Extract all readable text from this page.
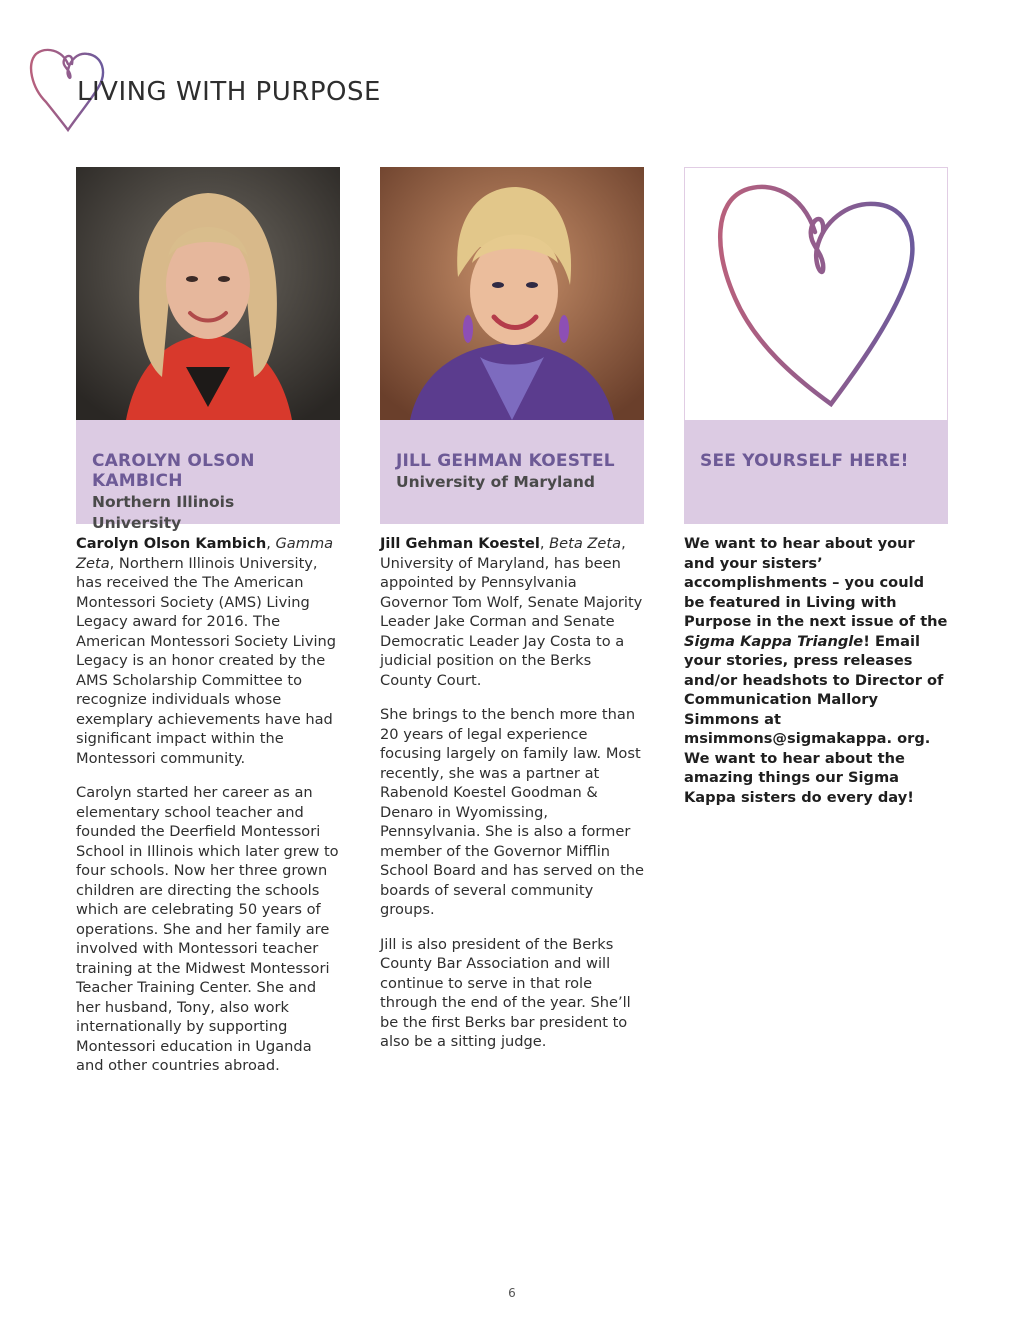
LIVING WITH PURPOSE
CAROLYN OLSON KAMBICH
Northern Illinois University

Carolyn Olson Kambich, Gamma Zeta, Northern Illinois University, has received the The American Montessori Society (AMS) Living Legacy award for 2016. The American Montessori Society Living Legacy is an honor created by the AMS Scholarship Committee to recognize individuals whose exemplary achievements have had significant impact within the Montessori community.

Carolyn started her career as an elementary school teacher and founded the Deerfield Montessori School in Illinois which later grew to four schools. Now her three grown children are directing the schools which are celebrating 50 years of operations. She and her family are involved with Montessori teacher training at the Midwest Montessori Teacher Training Center. She and her husband, Tony, also work internationally by supporting Montessori education in Uganda and other countries abroad.

JILL GEHMAN KOESTEL
University of Maryland

Jill Gehman Koestel, Beta Zeta, University of Maryland, has been appointed by Pennsylvania Governor Tom Wolf, Senate Majority Leader Jake Corman and Senate Democratic Leader Jay Costa to a judicial position on the Berks County Court.

She brings to the bench more than 20 years of legal experience focusing largely on family law. Most recently, she was a partner at Rabenold Koestel Goodman & Denaro in Wyomissing, Pennsylvania. She is also a former member of the Governor Mifflin School Board and has served on the boards of several community groups.

Jill is also president of the Berks County Bar Association and will continue to serve in that role through the end of the year. She’ll be the first Berks bar president to also be a sitting judge.

SEE YOURSELF HERE!
We want to hear about your and your sisters’ accomplishments – you could be featured in Living with Purpose in the next issue of the Sigma Kappa Triangle! Email your stories, press releases and/or headshots to Director of Communication Mallory Simmons at msimmons@sigmakappa. org. We want to hear about the amazing things our Sigma Kappa sisters do every day!
6
